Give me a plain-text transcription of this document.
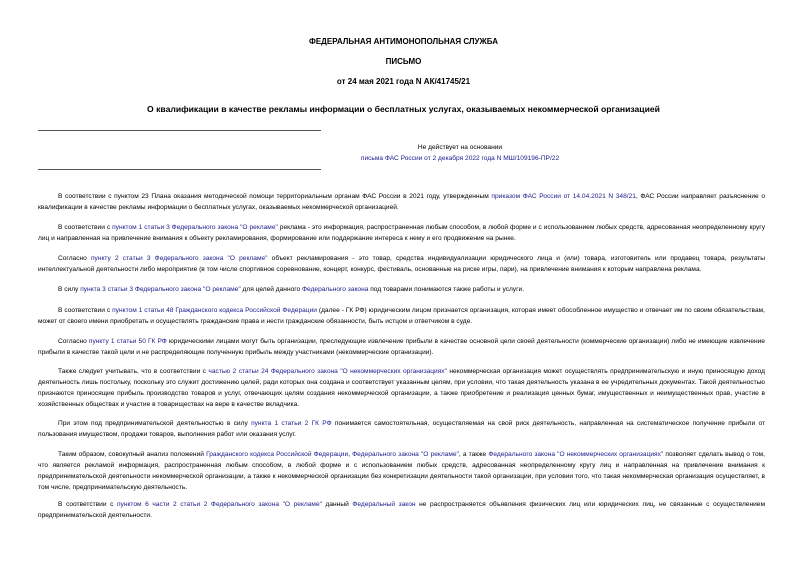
ФЕДЕРАЛЬНАЯ АНТИМОНОПОЛЬНАЯ СЛУЖБА

ПИСЬМО

от 24 мая 2021 года N АК/41745/21

О квалификации в качестве рекламы информации о бесплатных услугах, оказываемых некоммерческой организацией

Не действует на основании
письма ФАС России от 2 декабря 2022 года N МШ/109196-ПР/22

В соответствии с пунктом 23 Плана оказания методической помощи территориальным органам ФАС России в 2021 году, утвержденным приказом ФАС России от 14.04.2021 N 348/21, ФАС России направляет разъяснение о квалификации в качестве рекламы информации о бесплатных услугах, оказываемых некоммерческой организацией.

В соответствии с пунктом 1 статьи 3 Федерального закона "О рекламе" реклама - это информация, распространенная любым способом, в любой форме и с использованием любых средств, адресованная неопределенному кругу лиц и направленная на привлечение внимания к объекту рекламирования, формирование или поддержание интереса к нему и его продвижение на рынке.

Согласно пункту 2 статьи 3 Федерального закона "О рекламе" объект рекламирования - это товар, средства индивидуализации юридического лица и (или) товара, изготовитель или продавец товара, результаты интеллектуальной деятельности либо мероприятие (в том числе спортивное соревнование, концерт, конкурс, фестиваль, основанные на риске игры, пари), на привлечение внимания к которым направлена реклама.

В силу пункта 3 статьи 3 Федерального закона "О рекламе" для целей данного Федерального закона под товарами понимаются также работы и услуги.

В соответствии с пунктом 1 статьи 48 Гражданского кодекса Российской Федерации (далее - ГК РФ) юридическим лицом признается организация, которая имеет обособленное имущество и отвечает им по своим обязательствам, может от своего имени приобретать и осуществлять гражданские права и нести гражданские обязанности, быть истцом и ответчиком в суде.

Согласно пункту 1 статьи 50 ГК РФ юридическими лицами могут быть организации, преследующие извлечение прибыли в качестве основной цели своей деятельности (коммерческие организации) либо не имеющие извлечение прибыли в качестве такой цели и не распределяющие полученную прибыль между участниками (некоммерческие организации).

Также следует учитывать, что в соответствии с частью 2 статьи 24 Федерального закона "О некоммерческих организациях" некоммерческая организация может осуществлять предпринимательскую и иную приносящую доход деятельность лишь постольку, поскольку это служит достижению целей, ради которых она создана и соответствует указанным целям, при условии, что такая деятельность указана в ее учредительных документах. Такой деятельностью признаются приносящие прибыль производство товаров и услуг, отвечающих целям создания некоммерческой организации, а также приобретение и реализация ценных бумаг, имущественных и неимущественных прав, участие в хозяйственных обществах и участие в товариществах на вере в качестве вкладчика.

При этом под предпринимательской деятельностью в силу пункта 1 статьи 2 ГК РФ понимается самостоятельная, осуществляемая на свой риск деятельность, направленная на систематическое получение прибыли от пользования имуществом, продажи товаров, выполнения работ или оказания услуг.

Таким образом, совокупный анализ положений Гражданского кодекса Российской Федерации, Федерального закона "О рекламе", а также Федерального закона "О некоммерческих организациях" позволяет сделать вывод о том, что является рекламой информация, распространенная любым способом, в любой форме и с использованием любых средств, адресованная неопределенному кругу лиц и направленная на привлечение внимания к предпринимательской деятельности некоммерческой организации, а также к некоммерческой организации без конкретизации деятельности такой организации, при условии того, что такая некоммерческая организация осуществляет, в том числе, предпринимательскую деятельность.

В соответствии с пунктом 6 части 2 статьи 2 Федерального закона "О рекламе" данный Федеральный закон не распространяется объявления физических лиц или юридических лиц, не связанные с осуществлением предпринимательской деятельности.
